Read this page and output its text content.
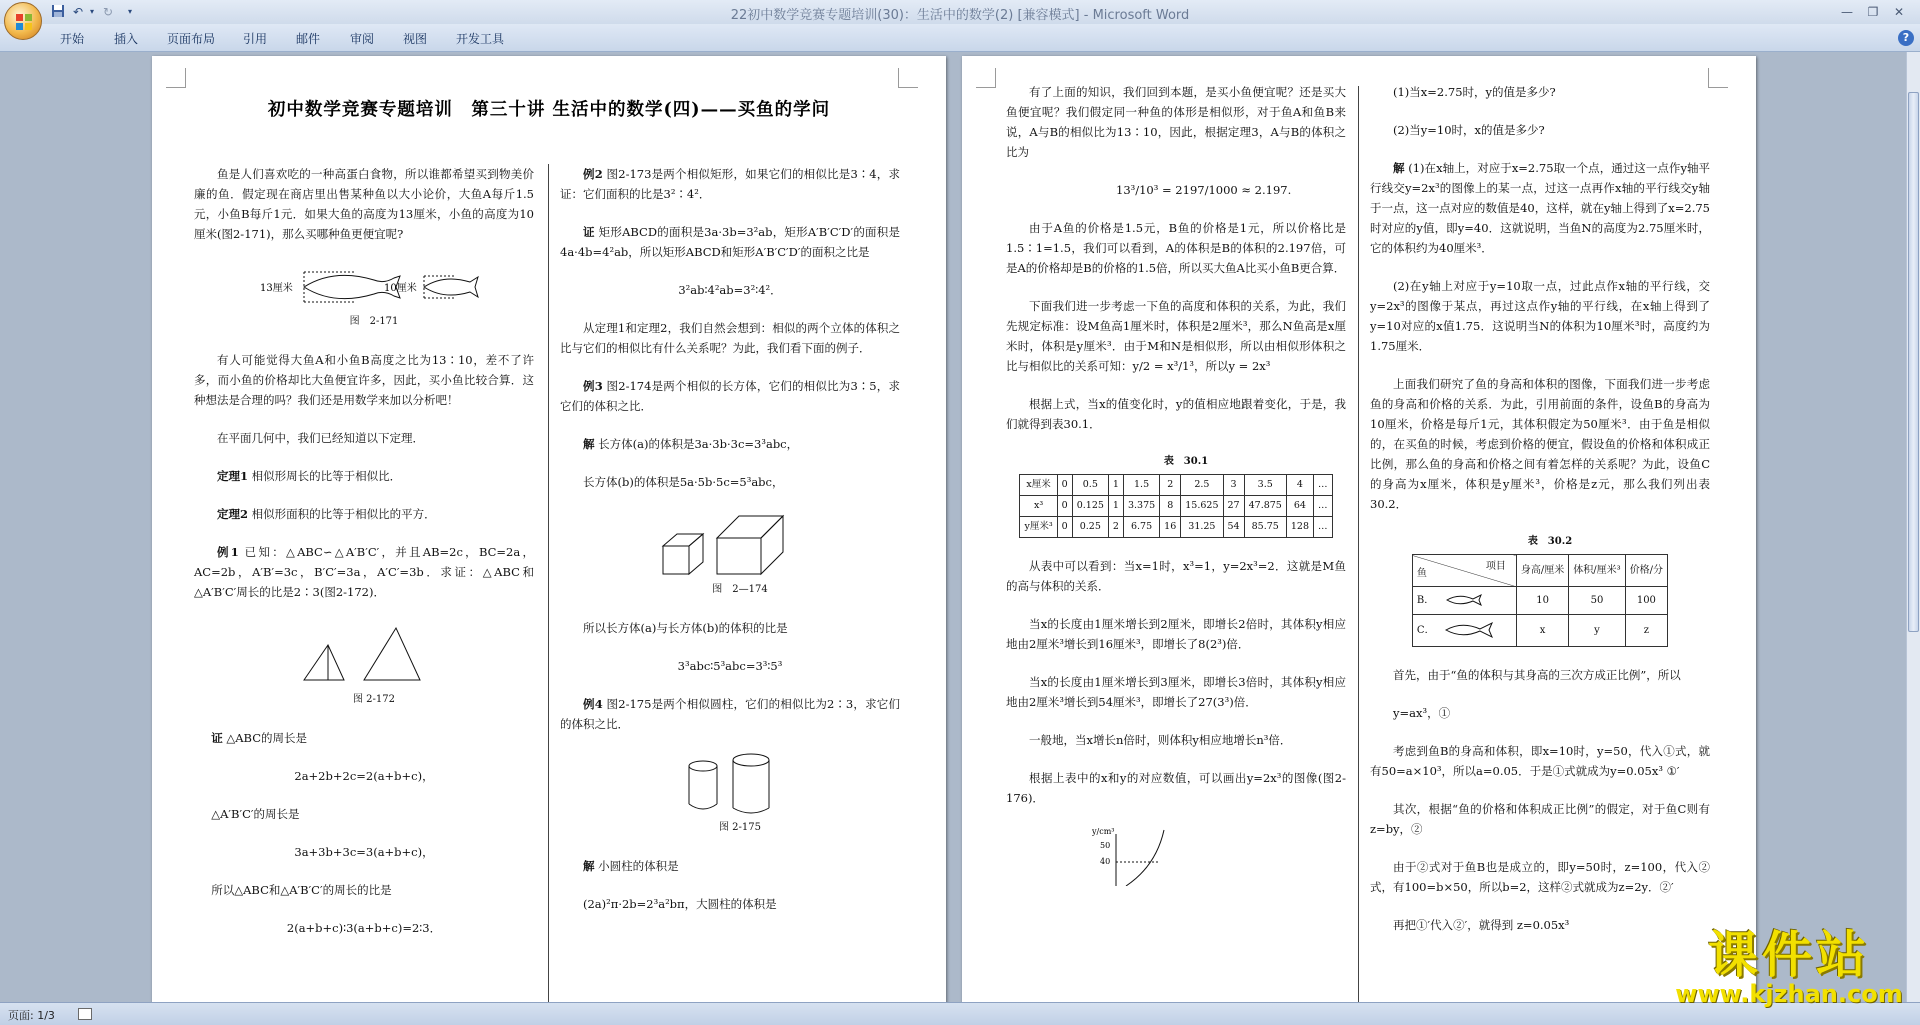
↶ ▾ ↻	▾	22初中数学竞赛专题培训(30)：生活中的数学(2) [兼容模式] - Microsoft Word	—	❐	✕
开始 插入 页面布局 引用 邮件 审阅 视图 开发工具	?
初中数学竞赛专题培训　第三十讲 生活中的数学(四)——买鱼的学问

鱼是人们喜欢吃的一种高蛋白食物，所以谁都希望买到物美价廉的鱼．假定现在商店里出售某种鱼以大小论价，大鱼A每斤1.5元，小鱼B每斤1元．如果大鱼的高度为13厘米，小鱼的高度为10厘米(图2-171)，那么买哪种鱼更便宜呢?

13厘米	10厘米

图　2-171

有人可能觉得大鱼A和小鱼B高度之比为13∶10，差不了许多，而小鱼的价格却比大鱼便宜许多，因此，买小鱼比较合算．这种想法是合理的吗？我们还是用数学来加以分析吧！

在平面几何中，我们已经知道以下定理．

定理1 相似形周长的比等于相似比．

定理2 相似形面积的比等于相似比的平方．

例1 已知：△ABC∽△A′B′C′，并且AB=2c，BC=2a，AC=2b，A′B′=3c，B′C′=3a，A′C′=3b．求证：△ABC和△A′B′C′周长的比是2∶3(图2-172)．

图 2-172

证 △ABC的周长是

2a+2b+2c=2(a+b+c)，

△A′B′C′的周长是

3a+3b+3c=3(a+b+c)，

所以△ABC和△A′B′C′的周长的比是

2(a+b+c)∶3(a+b+c)=2∶3．

例2 图2-173是两个相似矩形，如果它们的相似比是3∶4，求证：它们面积的比是3²∶4²．

证 矩形ABCD的面积是3a·3b=3²ab，矩形A′B′C′D′的面积是4a·4b=4²ab，所以矩形ABCD和矩形A′B′C′D′的面积之比是

3²ab∶4²ab=3²∶4²．

从定理1和定理2，我们自然会想到：相似的两个立体的体积之比与它们的相似比有什么关系呢？为此，我们看下面的例子．

例3 图2-174是两个相似的长方体，它们的相似比为3∶5，求它们的体积之比．

解 长方体(a)的体积是3a·3b·3c=3³abc，

长方体(b)的体积是5a·5b·5c=5³abc，

图　2—174

所以长方体(a)与长方体(b)的体积的比是

3³abc∶5³abc=3³∶5³

例4 图2-175是两个相似圆柱，它们的相似比为2∶3，求它们的体积之比．

图 2-175

解 小圆柱的体积是

(2a)²π·2b=2³a²bπ，大圆柱的体积是

有了上面的知识，我们回到本题，是买小鱼便宜呢？还是买大鱼便宜呢？我们假定同一种鱼的体形是相似形，对于鱼A和鱼B来说，A与B的相似比为13∶10，因此，根据定理3，A与B的体积之比为

13³/10³ = 2197/1000 ≈ 2.197.

由于A鱼的价格是1.5元，B鱼的价格是1元，所以价格比是1.5∶1=1.5，我们可以看到，A的体积是B的体积的2.197倍，可是A的价格却是B的价格的1.5倍，所以买大鱼A比买小鱼B更合算．

下面我们进一步考虑一下鱼的高度和体积的关系，为此，我们先规定标准：设M鱼高1厘米时，体积是2厘米³，那么N鱼高是x厘米时，体积是y厘米³．由于M和N是相似形，所以由相似形体积之比与相似比的关系可知：y/2 = x³/1³，所以y = 2x³

根据上式，当x的值变化时，y的值相应地跟着变化，于是，我们就得到表30.1．

表　30.1

x厘米	0	0.5	1	1.5	2	2.5	3	3.5	4	…
x³	0	0.125	1	3.375	8	15.625	27	47.875	64	…
y厘米³	0	0.25	2	6.75	16	31.25	54	85.75	128	…

从表中可以看到：当x=1时，x³=1，y=2x³=2．这就是M鱼的高与体积的关系．

当x的长度由1厘米增长到2厘米，即增长2倍时，其体积y相应地由2厘米³增长到16厘米³，即增长了8(2³)倍．

当x的长度由1厘米增长到3厘米，即增长3倍时，其体积y相应地由2厘米³增长到54厘米³，即增长了27(3³)倍．

一般地，当x增长n倍时，则体积y相应地增长n³倍．

根据上表中的x和y的对应数值，可以画出y=2x³的图像(图2-176)．

y/cm³
50
40

(1)当x=2.75时，y的值是多少?

(2)当y=10时，x的值是多少?

解 (1)在x轴上，对应于x=2.75取一个点，通过这一点作y轴平行线交y=2x³的图像上的某一点，过这一点再作x轴的平行线交y轴于一点，这一点对应的数值是40，这样，就在y轴上得到了x=2.75时对应的y值，即y=40．这就说明，当鱼N的高度为2.75厘米时，它的体积约为40厘米³．

(2)在y轴上对应于y=10取一点，过此点作x轴的平行线，交y=2x³的图像于某点，再过这点作y轴的平行线，在x轴上得到了y=10对应的x值1.75．这说明当N的体积为10厘米³时，高度约为1.75厘米．

上面我们研究了鱼的身高和体积的图像，下面我们进一步考虑鱼的身高和价格的关系．为此，引用前面的条件，设鱼B的身高为10厘米，价格是每斤1元，其体积假定为50厘米³．由于鱼是相似的，在买鱼的时候，考虑到价格的便宜，假设鱼的价格和体积成正比例，那么鱼的身高和价格之间有着怎样的关系呢？为此，设鱼C的身高为x厘米，体积是y厘米³，价格是z元，那么我们列出表30.2．

表　30.2

项目
鱼	身高/厘米	体积/厘米³	价格/分
B．	10	50	100
C．	x	y	z

首先，由于“鱼的体积与其身高的三次方成正比例”，所以

y=ax³，①

考虑到鱼B的身高和体积，即x=10时，y=50，代入①式，就有50=a×10³，所以a=0.05．于是①式就成为y=0.05x³ ①′

其次，根据“鱼的价格和体积成正比例”的假定，对于鱼C则有z=by，②

由于②式对于鱼B也是成立的，即y=50时，z=100，代入②式，有100=b×50，所以b=2，这样②式就成为z=2y．②′

再把①′代入②′，就得到 z=0.05x³

页面: 1/3
课件站
www.kjzhan.com
